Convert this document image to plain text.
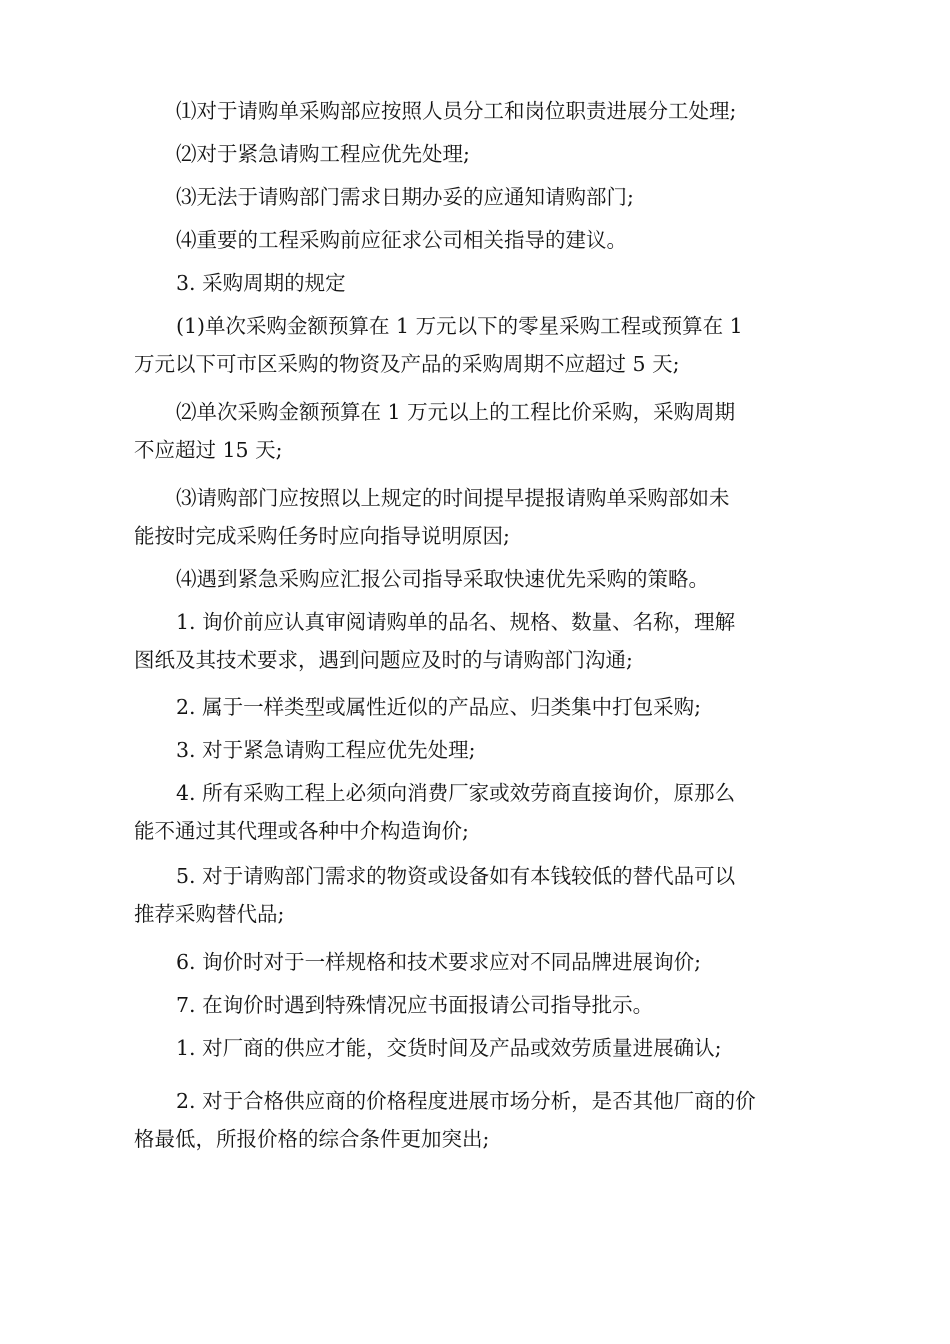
⑴对于请购单采购部应按照人员分工和岗位职责进展分工处理;
⑵对于紧急请购工程应优先处理;
⑶无法于请购部门需求日期办妥的应通知请购部门;
⑷重要的工程采购前应征求公司相关指导的建议。
3. 采购周期的规定
(1)单次采购金额预算在 1 万元以下的零星采购工程或预算在 1
万元以下可市区采购的物资及产品的采购周期不应超过 5 天;
⑵单次采购金额预算在 1 万元以上的工程比价采购，采购周期
不应超过 15 天;
⑶请购部门应按照以上规定的时间提早提报请购单采购部如未
能按时完成采购任务时应向指导说明原因;
⑷遇到紧急采购应汇报公司指导采取快速优先采购的策略。
1. 询价前应认真审阅请购单的品名、规格、数量、名称，理解
图纸及其技术要求，遇到问题应及时的与请购部门沟通;
2. 属于一样类型或属性近似的产品应、归类集中打包采购;
3. 对于紧急请购工程应优先处理;
4. 所有采购工程上必须向消费厂家或效劳商直接询价，原那么
能不通过其代理或各种中介构造询价;
5. 对于请购部门需求的物资或设备如有本钱较低的替代品可以
推荐采购替代品;
6. 询价时对于一样规格和技术要求应对不同品牌进展询价;
7. 在询价时遇到特殊情况应书面报请公司指导批示。
1. 对厂商的供应才能，交货时间及产品或效劳质量进展确认;
2. 对于合格供应商的价格程度进展市场分析，是否其他厂商的价
格最低，所报价格的综合条件更加突出;
